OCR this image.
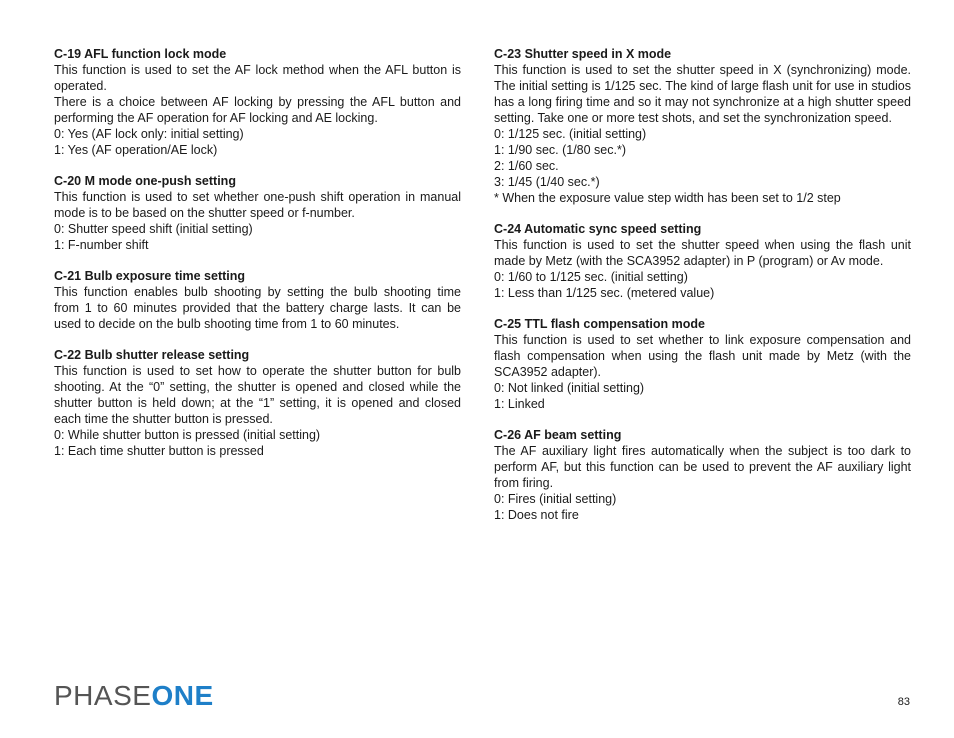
C-19 AFL function lock mode
This function is used to set the AF lock method when the AFL button is operated.
There is a choice between AF locking by pressing the AFL button and performing the AF operation for AF locking and AE locking.
0: Yes (AF lock only: initial setting)
1: Yes (AF operation/AE lock)
C-20 M mode one-push setting
This function is used to set whether one-push shift operation in manual mode is to be based on the shutter speed or f-number.
0: Shutter speed shift (initial setting)
1: F-number shift
C-21 Bulb exposure time setting
This function enables bulb shooting by setting the bulb shooting time from 1 to 60 minutes provided that the battery charge lasts. It can be used to decide on the bulb shooting time from 1 to 60 minutes.
C-22 Bulb shutter release setting
This function is used to set how to operate the shutter button for bulb shooting. At the “0” setting, the shutter is opened and closed while the shutter button is held down; at the “1” setting, it is opened and closed each time the shutter button is pressed.
0: While shutter button is pressed (initial setting)
1: Each time shutter button is pressed
C-23 Shutter speed in X mode
This function is used to set the shutter speed in X (synchronizing) mode. The initial setting is 1/125 sec. The kind of large flash unit for use in studios has a long firing time and so it may not synchronize at a high shutter speed setting. Take one or more test shots, and set the synchronization speed.
0: 1/125 sec. (initial setting)
1: 1/90 sec. (1/80 sec.*)
2: 1/60 sec.
3: 1/45 (1/40 sec.*)
* When the exposure value step width has been set to 1/2 step
C-24 Automatic sync speed setting
This function is used to set the shutter speed when using the flash unit made by Metz (with the SCA3952 adapter) in P (program) or Av mode.
0: 1/60 to 1/125 sec. (initial setting)
1: Less than 1/125 sec. (metered value)
C-25 TTL flash compensation mode
This function is used to set whether to link exposure compensation and flash compensation when using the flash unit made by Metz (with the SCA3952 adapter).
0: Not linked (initial setting)
1: Linked
C-26 AF beam setting
The AF auxiliary light fires automatically when the subject is too dark to perform AF, but this function can be used to prevent the AF auxiliary light from firing.
0: Fires (initial setting)
1: Does not fire
PHASEONE	83
